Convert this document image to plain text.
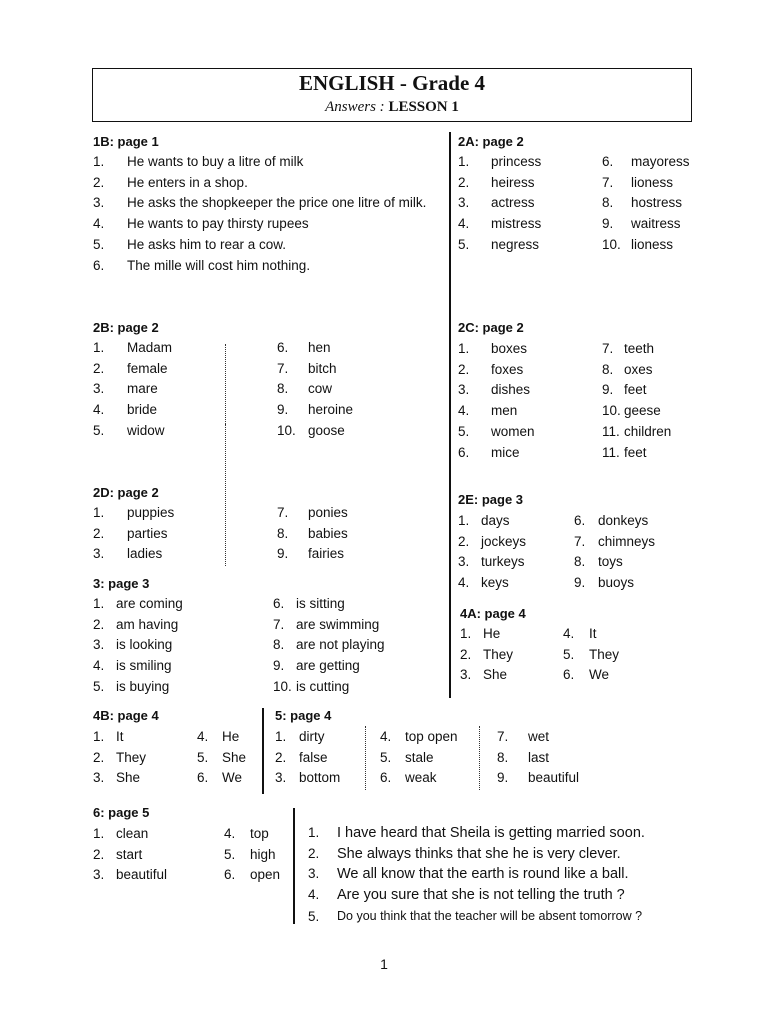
ENGLISH - Grade 4
Answers : LESSON 1
1B: page 1
1. He wants to buy a litre of milk
2. He enters in a shop.
3. He asks the shopkeeper the price one litre of milk.
4. He wants to pay thirsty rupees
5. He asks him to rear a cow.
6. The mille will cost him nothing.
2A: page 2
1. princess
2. heiress
3. actress
4. mistress
5. negress
6. mayoress
7. lioness
8. hostress
9. waitress
10. lioness
2B: page 2
1. Madam
2. female
3. mare
4. bride
5. widow
6. hen
7. bitch
8. cow
9. heroine
10. goose
2C: page 2
1. boxes
2. foxes
3. dishes
4. men
5. women
6. mice
7. teeth
8. oxes
9. feet
10. geese
11. children
11. feet
2D: page 2
1. puppies
2. parties
3. ladies
7. ponies
8. babies
9. fairies
2E: page 3
1. days
2. jockeys
3. turkeys
4. keys
6. donkeys
7. chimneys
8. toys
9. buoys
3: page 3
1. are coming
2. am having
3. is looking
4. is smiling
5. is buying
6. is sitting
7. are swimming
8. are not playing
9. are getting
10. is cutting
4A: page 4
1. He
2. They
3. She
4. It
5. They
6. We
4B: page 4
1. It
2. They
3. She
4. He
5. She
6. We
5: page 4
1. dirty
2. false
3. bottom
4. top open
5. stale
6. weak
7. wet
8. last
9. beautiful
6: page 5
1. clean
2. start
3. beautiful
4. top
5. high
6. open
1. I have heard that Sheila is getting married soon.
2. She always thinks that she he is very clever.
3. We all know that the earth is round like a ball.
4. Are you sure that she is not telling the truth ?
5. Do you think that the teacher will be absent tomorrow ?
1
